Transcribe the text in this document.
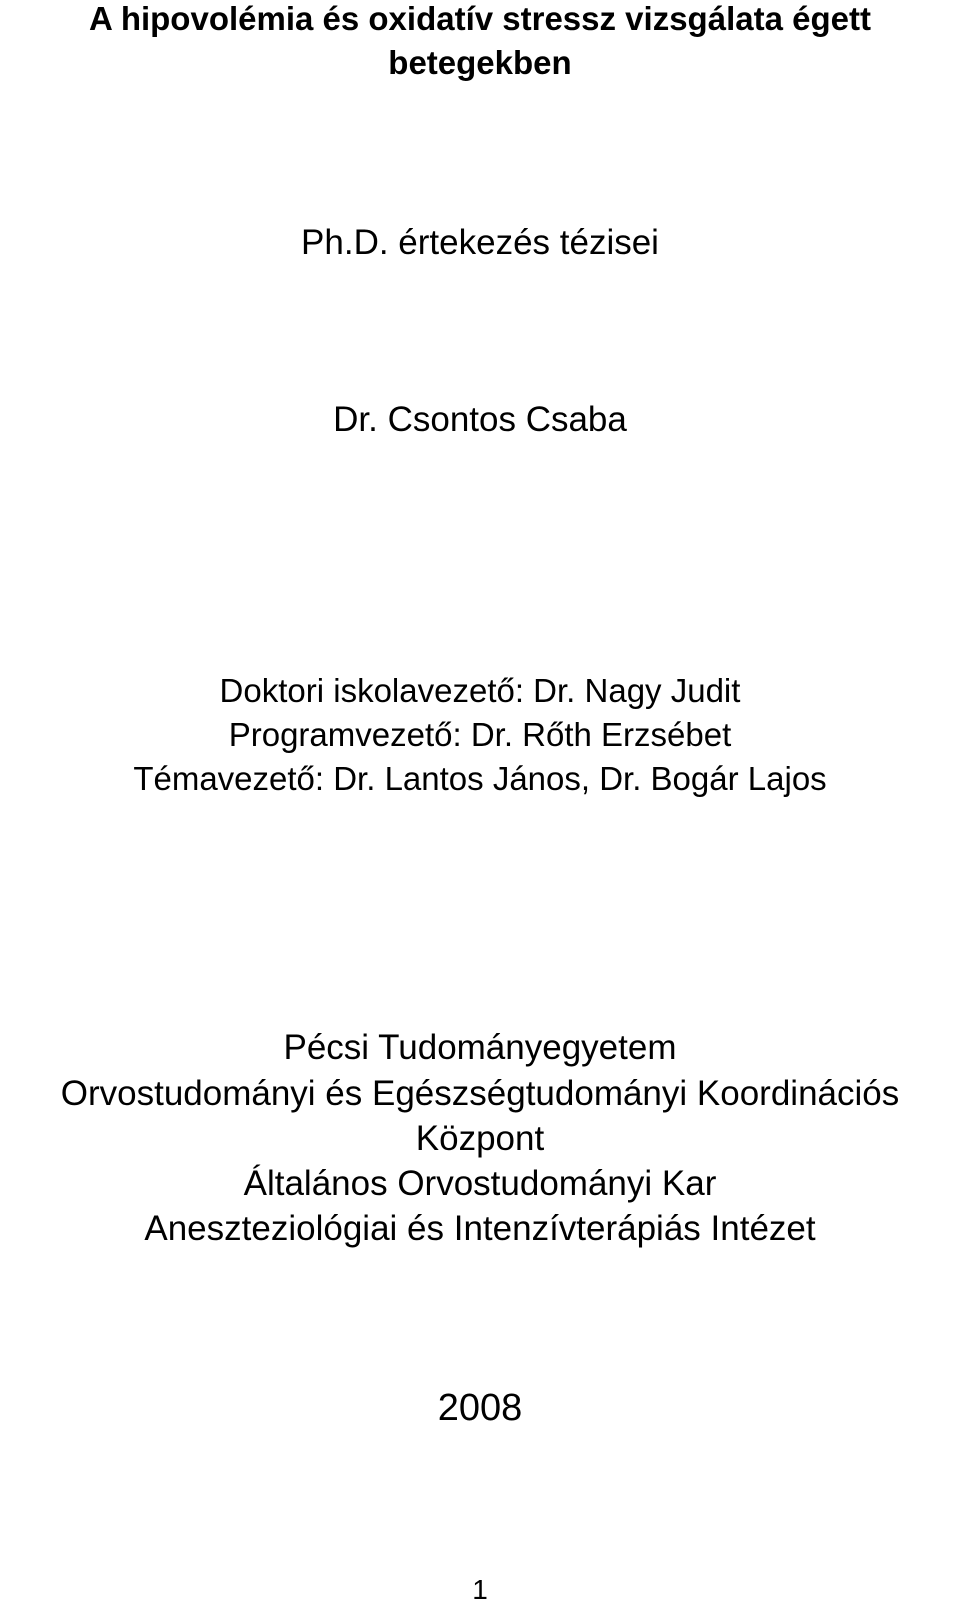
A hipovolémia és oxidatív stressz vizsgálata égett
betegekben
Ph.D. értekezés tézisei
Dr. Csontos Csaba
Doktori iskolavezető: Dr. Nagy Judit
Programvezető: Dr. Rőth Erzsébet
Témavezető: Dr. Lantos János, Dr. Bogár Lajos
Pécsi Tudományegyetem
Orvostudományi és Egészségtudományi Koordinációs
Központ
Általános Orvostudományi Kar
Aneszteziológiai és Intenzívterápiás Intézet
2008
1
